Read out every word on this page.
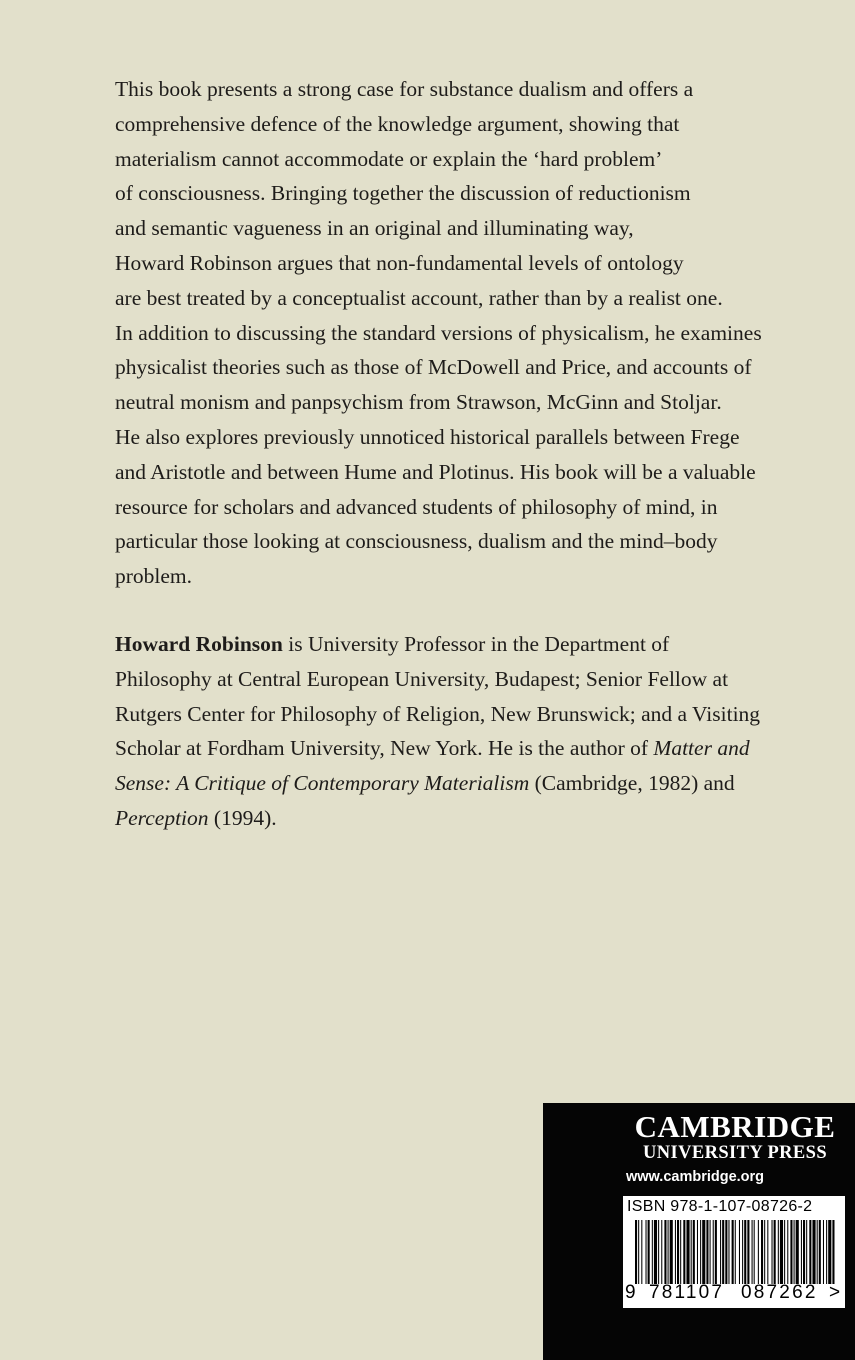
This book presents a strong case for substance dualism and offers a
comprehensive defence of the knowledge argument, showing that
materialism cannot accommodate or explain the ‘hard problem’
of consciousness. Bringing together the discussion of reductionism
and semantic vagueness in an original and illuminating way,
Howard Robinson argues that non-fundamental levels of ontology
are best treated by a conceptualist account, rather than by a realist one.
In addition to discussing the standard versions of physicalism, he examines
physicalist theories such as those of McDowell and Price, and accounts of
neutral monism and panpsychism from Strawson, McGinn and Stoljar.
He also explores previously unnoticed historical parallels between Frege
and Aristotle and between Hume and Plotinus. His book will be a valuable
resource for scholars and advanced students of philosophy of mind, in
particular those looking at consciousness, dualism and the mind–body
problem.
Howard Robinson is University Professor in the Department of
Philosophy at Central European University, Budapest; Senior Fellow at
Rutgers Center for Philosophy of Religion, New Brunswick; and a Visiting
Scholar at Fordham University, New York. He is the author of Matter and
Sense: A Critique of Contemporary Materialism (Cambridge, 1982) and
Perception (1994).
CAMBRIDGE
UNIVERSITY PRESS
www.cambridge.org
ISBN 978-1-107-08726-2
9 781107 087262 >
